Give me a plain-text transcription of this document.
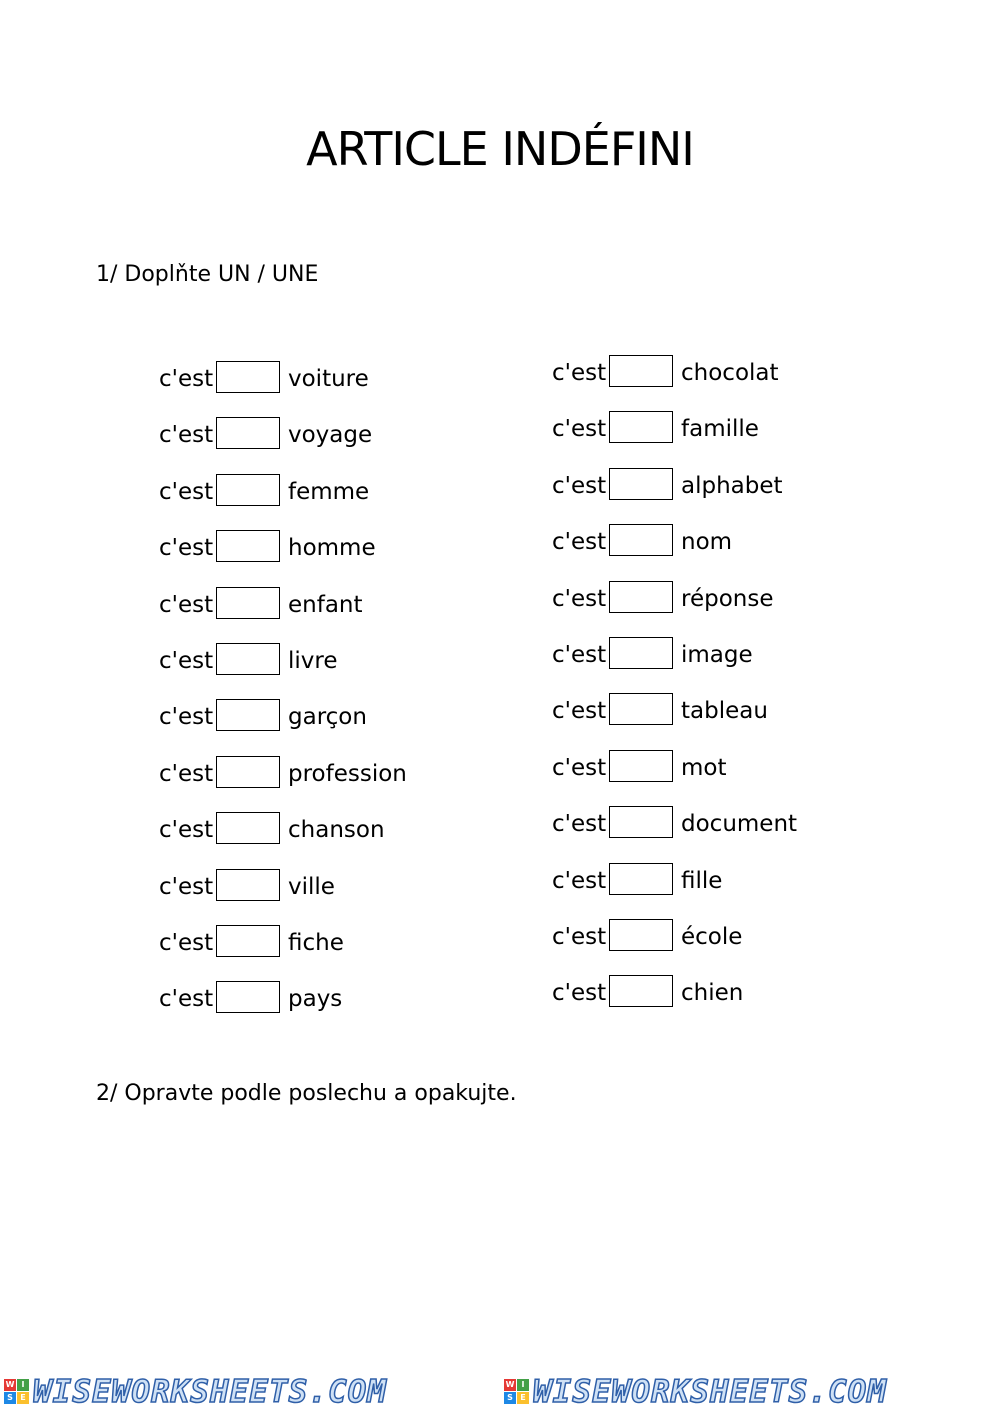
ARTICLE INDÉFINI

1/ Doplňte UN / UNE

c'est	voiture
c'est	voyage
c'est	femme
c'est	homme
c'est	enfant
c'est	livre
c'est	garçon
c'est	profession
c'est	chanson
c'est	ville
c'est	fiche
c'est	pays
c'est	chocolat
c'est	famille
c'est	alphabet
c'est	nom
c'est	réponse
c'est	image
c'est	tableau
c'est	mot
c'est	document
c'est	fille
c'est	école
c'est	chien

2/ Opravte podle poslechu a opakujte.

W I
S E WISEWORKSHEETS.COM	W I
S E WISEWORKSHEETS.COM
